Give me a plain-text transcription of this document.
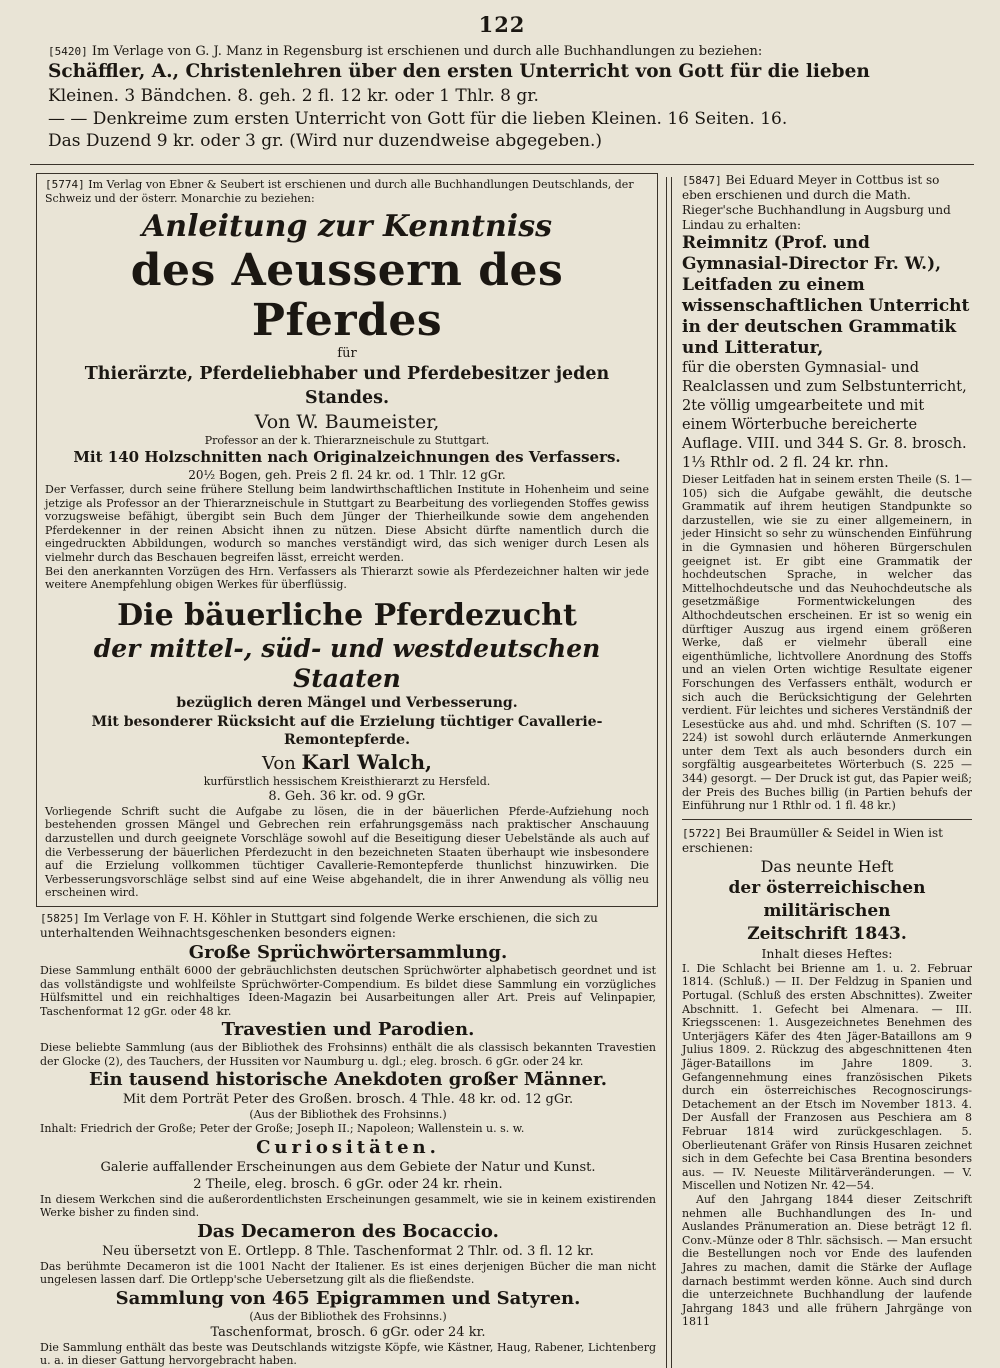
122

[5420] Im Verlage von G. J. Manz in Regensburg ist erschienen und durch alle Buchhandlungen zu beziehen:

Schäffler, A., Christenlehren über den ersten Unterricht von Gott für die lieben

Kleinen. 3 Bändchen. 8. geh. 2 fl. 12 kr. oder 1 Thlr. 8 gr.

— — Denkreime zum ersten Unterricht von Gott für die lieben Kleinen. 16 Seiten. 16.

Das Duzend 9 kr. oder 3 gr. (Wird nur duzendweise abgegeben.)

[5774] Im Verlag von Ebner & Seubert ist erschienen und durch alle Buchhandlungen Deutschlands, der Schweiz und der österr. Monarchie zu beziehen:

Anleitung zur Kenntniss

des Aeussern des Pferdes

für

Thierärzte, Pferdeliebhaber und Pferdebesitzer jeden Standes.

Von W. Baumeister,

Professor an der k. Thierarzneischule zu Stuttgart.

Mit 140 Holzschnitten nach Originalzeichnungen des Verfassers.

20½ Bogen, geh. Preis 2 fl. 24 kr. od. 1 Thlr. 12 gGr.

Der Verfasser, durch seine frühere Stellung beim landwirthschaftlichen Institute in Hohenheim und seine jetzige als Professor an der Thierarzneischule in Stuttgart zu Bearbeitung des vorliegenden Stoffes gewiss vorzugsweise befähigt, übergibt sein Buch dem Jünger der Thierheilkunde sowie dem angehenden Pferdekenner in der reinen Absicht ihnen zu nützen. Diese Absicht dürfte namentlich durch die eingedruckten Abbildungen, wodurch so manches verständigt wird, das sich weniger durch Lesen als vielmehr durch das Beschauen begreifen lässt, erreicht werden.

Bei den anerkannten Vorzügen des Hrn. Verfassers als Thierarzt sowie als Pferdezeichner halten wir jede weitere Anempfehlung obigen Werkes für überflüssig.

Die bäuerliche Pferdezucht

der mittel-, süd- und westdeutschen Staaten

bezüglich deren Mängel und Verbesserung.

Mit besonderer Rücksicht auf die Erzielung tüchtiger Cavallerie-

Remontepferde.

Von Karl Walch,

kurfürstlich hessischem Kreisthierarzt zu Hersfeld.

8. Geh. 36 kr. od. 9 gGr.

Vorliegende Schrift sucht die Aufgabe zu lösen, die in der bäuerlichen Pferde-Aufziehung noch bestehenden grossen Mängel und Gebrechen rein erfahrungsgemäss nach praktischer Anschauung darzustellen und durch geeignete Vorschläge sowohl auf die Beseitigung dieser Uebelstände als auch auf die Verbesserung der bäuerlichen Pferdezucht in den bezeichneten Staaten überhaupt wie insbesondere auf die Erzielung vollkommen tüchtiger Cavallerie-Remontepferde thunlichst hinzuwirken. Die Verbesserungsvorschläge selbst sind auf eine Weise abgehandelt, die in ihrer Anwendung als völlig neu erscheinen wird.

[5825] Im Verlage von F. H. Köhler in Stuttgart sind folgende Werke erschienen, die sich zu unterhaltenden Weihnachtsgeschenken besonders eignen:

Große Sprüchwörtersammlung.

Diese Sammlung enthält 6000 der gebräuchlichsten deutschen Sprüchwörter alphabetisch geordnet und ist das vollständigste und wohlfeilste Sprüchwörter-Compendium. Es bildet diese Sammlung ein vorzügliches Hülfsmittel und ein reichhaltiges Ideen-Magazin bei Ausarbeitungen aller Art. Preis auf Velinpapier, Taschenformat 12 gGr. oder 48 kr.

Travestien und Parodien.

Diese beliebte Sammlung (aus der Bibliothek des Frohsinns) enthält die als classisch bekannten Travestien der Glocke (2), des Tauchers, der Hussiten vor Naumburg u. dgl.; eleg. brosch. 6 gGr. oder 24 kr.

Ein tausend historische Anekdoten großer Männer.

Mit dem Porträt Peter des Großen. brosch. 4 Thle. 48 kr. od. 12 gGr.

(Aus der Bibliothek des Frohsinns.)

Inhalt: Friedrich der Große; Peter der Große; Joseph II.; Napoleon; Wallenstein u. s. w.

Curiositäten.

Galerie auffallender Erscheinungen aus dem Gebiete der Natur und Kunst.

2 Theile, eleg. brosch. 6 gGr. oder 24 kr. rhein.

In diesem Werkchen sind die außerordentlichsten Erscheinungen gesammelt, wie sie in keinem existirenden Werke bisher zu finden sind.

Das Decameron des Bocaccio.

Neu übersetzt von E. Ortlepp. 8 Thle. Taschenformat 2 Thlr. od. 3 fl. 12 kr.

Das berühmte Decameron ist die 1001 Nacht der Italiener. Es ist eines derjenigen Bücher die man nicht ungelesen lassen darf. Die Ortlepp'sche Uebersetzung gilt als die fließendste.

Sammlung von 465 Epigrammen und Satyren.

(Aus der Bibliothek des Frohsinns.)

Taschenformat, brosch. 6 gGr. oder 24 kr.

Die Sammlung enthält das beste was Deutschlands witzigste Köpfe, wie Kästner, Haug, Rabener, Lichtenberg u. a. in dieser Gattung hervorgebracht haben.

[5847] Bei Eduard Meyer in Cottbus ist so eben erschienen und durch die Math. Rieger'sche Buchhandlung in Augsburg und Lindau zu erhalten:

Reimnitz (Prof. und Gymnasial-Director Fr. W.), Leitfaden zu einem wissenschaftlichen Unterricht in der deutschen Grammatik und Litteratur,

für die obersten Gymnasial- und Realclassen und zum Selbstunterricht, 2te völlig umgearbeitete und mit einem Wörterbuche bereicherte Auflage. VIII. und 344 S. Gr. 8. brosch. 1⅓ Rthlr od. 2 fl. 24 kr. rhn.

Dieser Leitfaden hat in seinem ersten Theile (S. 1—105) sich die Aufgabe gewählt, die deutsche Grammatik auf ihrem heutigen Standpunkte so darzustellen, wie sie zu einer allgemeinern, in jeder Hinsicht so sehr zu wünschenden Einführung in die Gymnasien und höheren Bürgerschulen geeignet ist. Er gibt eine Grammatik der hochdeutschen Sprache, in welcher das Mittelhochdeutsche und das Neuhochdeutsche als gesetzmäßige Formentwickelungen des Althochdeutschen erscheinen. Er ist so wenig ein dürftiger Auszug aus irgend einem größeren Werke, daß er vielmehr überall eine eigenthümliche, lichtvollere Anordnung des Stoffs und an vielen Orten wichtige Resultate eigener Forschungen des Verfassers enthält, wodurch er sich auch die Berücksichtigung der Gelehrten verdient. Für leichtes und sicheres Verständniß der Lesestücke aus ahd. und mhd. Schriften (S. 107 — 224) ist sowohl durch erläuternde Anmerkungen unter dem Text als auch besonders durch ein sorgfältig ausgearbeitetes Wörterbuch (S. 225 — 344) gesorgt. — Der Druck ist gut, das Papier weiß; der Preis des Buches billig (in Partien behufs der Einführung nur 1 Rthlr od. 1 fl. 48 kr.)

[5722] Bei Braumüller & Seidel in Wien ist erschienen:

Das neunte Heft

der österreichischen militärischen

Zeitschrift 1843.

Inhalt dieses Heftes:

I. Die Schlacht bei Brienne am 1. u. 2. Februar 1814. (Schluß.) — II. Der Feldzug in Spanien und Portugal. (Schluß des ersten Abschnittes). Zweiter Abschnitt. 1. Gefecht bei Almenara. — III. Kriegsscenen: 1. Ausgezeichnetes Benehmen des Unterjägers Käfer des 4ten Jäger-Bataillons am 9 Julius 1809. 2. Rückzug des abgeschnittenen 4ten Jäger-Bataillons im Jahre 1809. 3. Gefangennehmung eines französischen Pikets durch ein österreichisches Recognoscirungs-Detachement an der Etsch im November 1813. 4. Der Ausfall der Franzosen aus Peschiera am 8 Februar 1814 wird zurückgeschlagen. 5. Oberlieutenant Gräfer von Rinsis Husaren zeichnet sich in dem Gefechte bei Casa Brentina besonders aus. — IV. Neueste Militärveränderungen. — V. Miscellen und Notizen Nr. 42—54.

Auf den Jahrgang 1844 dieser Zeitschrift nehmen alle Buchhandlungen des In- und Auslandes Pränumeration an. Diese beträgt 12 fl. Conv.-Münze oder 8 Thlr. sächsisch. — Man ersucht die Bestellungen noch vor Ende des laufenden Jahres zu machen, damit die Stärke der Auflage darnach bestimmt werden könne. Auch sind durch die unterzeichnete Buchhandlung der laufende Jahrgang 1843 und alle frühern Jahrgänge von 1811
